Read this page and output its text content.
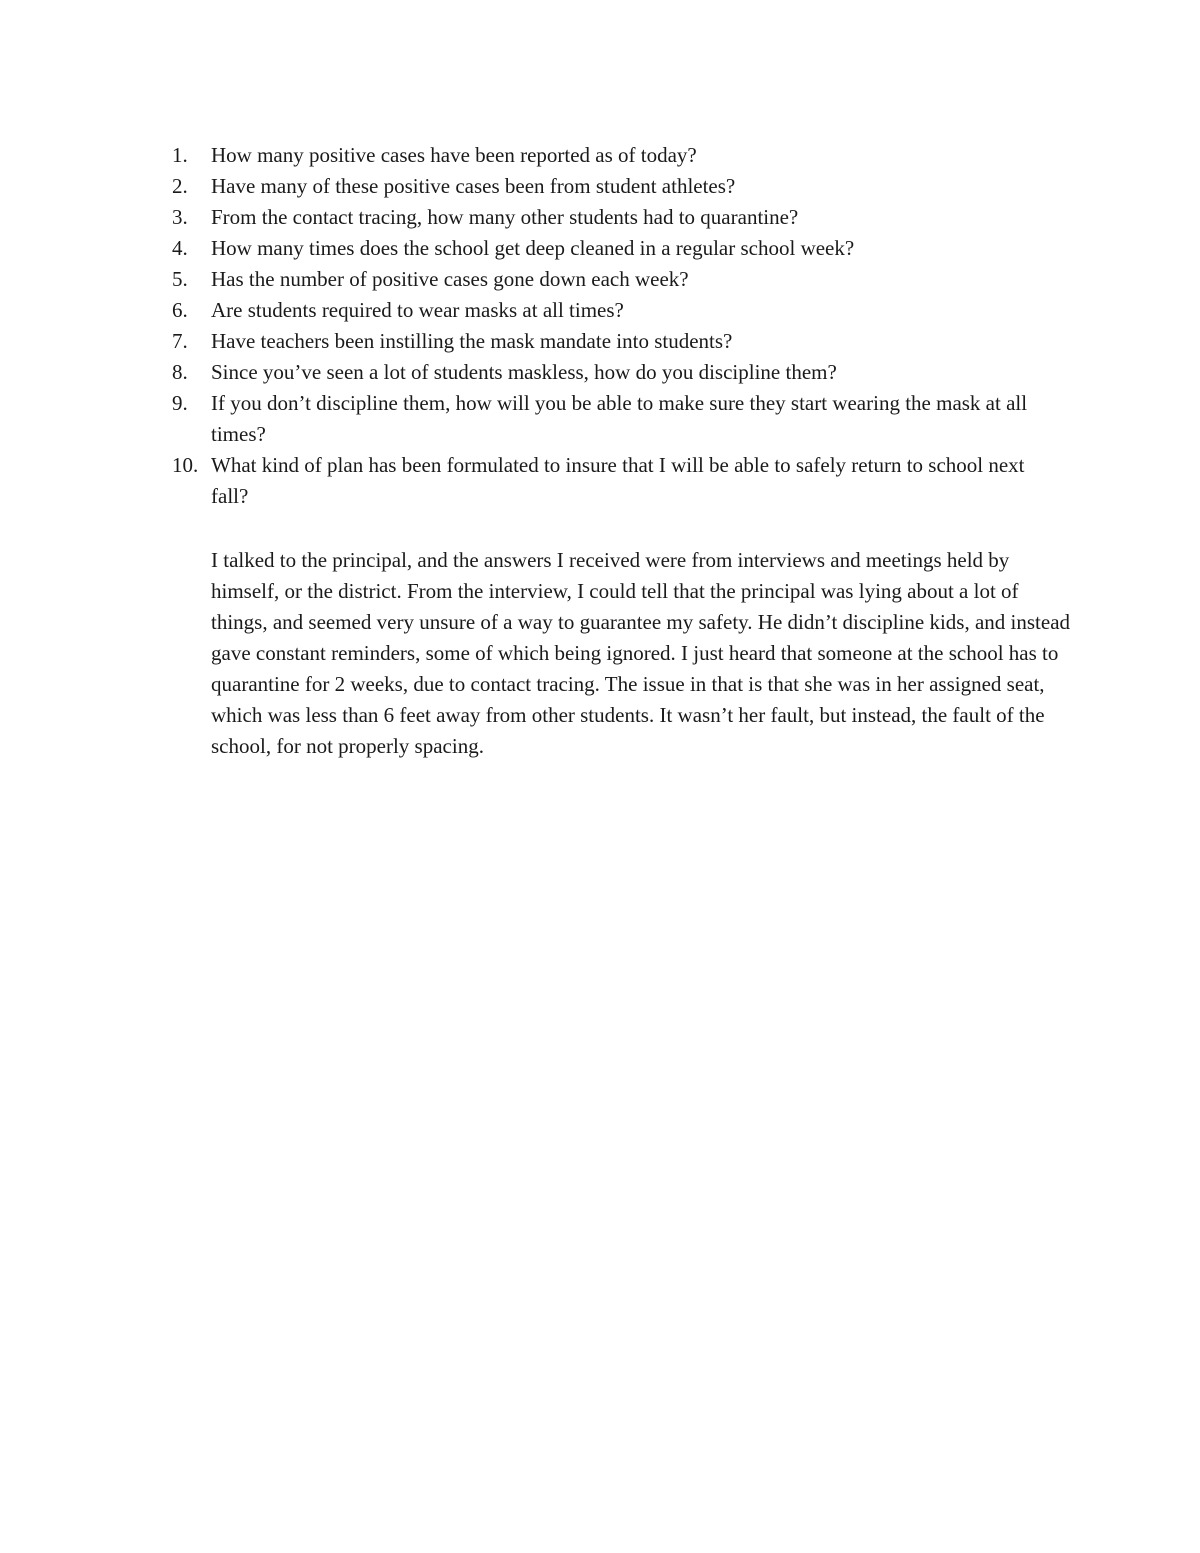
1.	How many positive cases have been reported as of today?
2.	Have many of these positive cases been from student athletes?
3.	From the contact tracing, how many other students had to quarantine?
4.	How many times does the school get deep cleaned in a regular school week?
5.	Has the number of positive cases gone down each week?
6.	Are students required to wear masks at all times?
7.	Have teachers been instilling the mask mandate into students?
8.	Since you’ve seen a lot of students maskless, how do you discipline them?
9.	If you don’t discipline them, how will you be able to make sure they start wearing the mask at all times?
10. What kind of plan has been formulated to insure that I will be able to safely return to school next fall?

I talked to the principal, and the answers I received were from interviews and meetings held by himself, or the district. From the interview, I could tell that the principal was lying about a lot of things, and seemed very unsure of a way to guarantee my safety. He didn’t discipline kids, and instead gave constant reminders, some of which being ignored. I just heard that someone at the school has to quarantine for 2 weeks, due to contact tracing. The issue in that is that she was in her assigned seat, which was less than 6 feet away from other students. It wasn’t her fault, but instead, the fault of the school, for not properly spacing.
